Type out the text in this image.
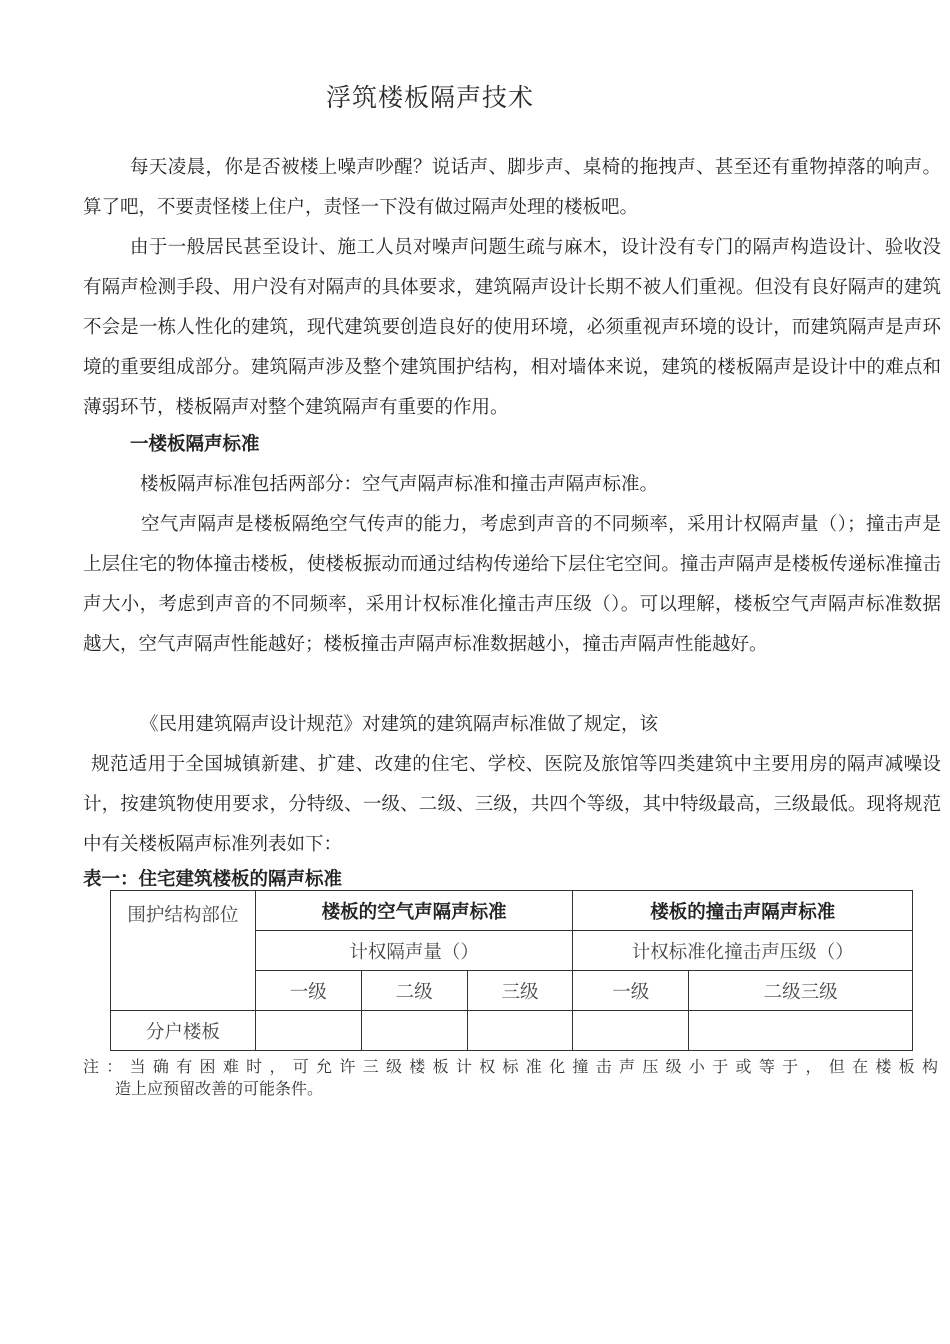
浮筑楼板隔声技术

每天凌晨，你是否被楼上噪声吵醒？说话声、脚步声、桌椅的拖拽声、甚至还有重物掉落的响声。算了吧，不要责怪楼上住户，责怪一下没有做过隔声处理的楼板吧。

由于一般居民甚至设计、施工人员对噪声问题生疏与麻木，设计没有专门的隔声构造设计、验收没有隔声检测手段、用户没有对隔声的具体要求，建筑隔声设计长期不被人们重视。但没有良好隔声的建筑不会是一栋人性化的建筑，现代建筑要创造良好的使用环境，必须重视声环境的设计，而建筑隔声是声环境的重要组成部分。建筑隔声涉及整个建筑围护结构，相对墙体来说，建筑的楼板隔声是设计中的难点和薄弱环节，楼板隔声对整个建筑隔声有重要的作用。

一楼板隔声标准
楼板隔声标准包括两部分：空气声隔声标准和撞击声隔声标准。

空气声隔声是楼板隔绝空气传声的能力，考虑到声音的不同频率，采用计权隔声量（）；撞击声是上层住宅的物体撞击楼板，使楼板振动而通过结构传递给下层住宅空间。撞击声隔声是楼板传递标准撞击声大小，考虑到声音的不同频率，采用计权标准化撞击声压级（）。可以理解，楼板空气声隔声标准数据越大，空气声隔声性能越好；楼板撞击声隔声标准数据越小，撞击声隔声性能越好。

《民用建筑隔声设计规范》对建筑的建筑隔声标准做了规定，该

规范适用于全国城镇新建、扩建、改建的住宅、学校、医院及旅馆等四类建筑中主要用房的隔声减噪设计，按建筑物使用要求，分特级、一级、二级、三级，共四个等级，其中特级最高，三级最低。现将规范中有关楼板隔声标准列表如下：

表一：住宅建筑楼板的隔声标准
围护结构部位	楼板的空气声隔声标准			楼板的撞击声隔声标准	
	计权隔声量（）			计权标准化撞击声压级（）	
	一级	二级	三级	一级	二级三级
分户楼板					
注：当确有困难时，可允许三级楼板计权标准化撞击声压级小于或等于，但在楼板构
造上应预留改善的可能条件。
